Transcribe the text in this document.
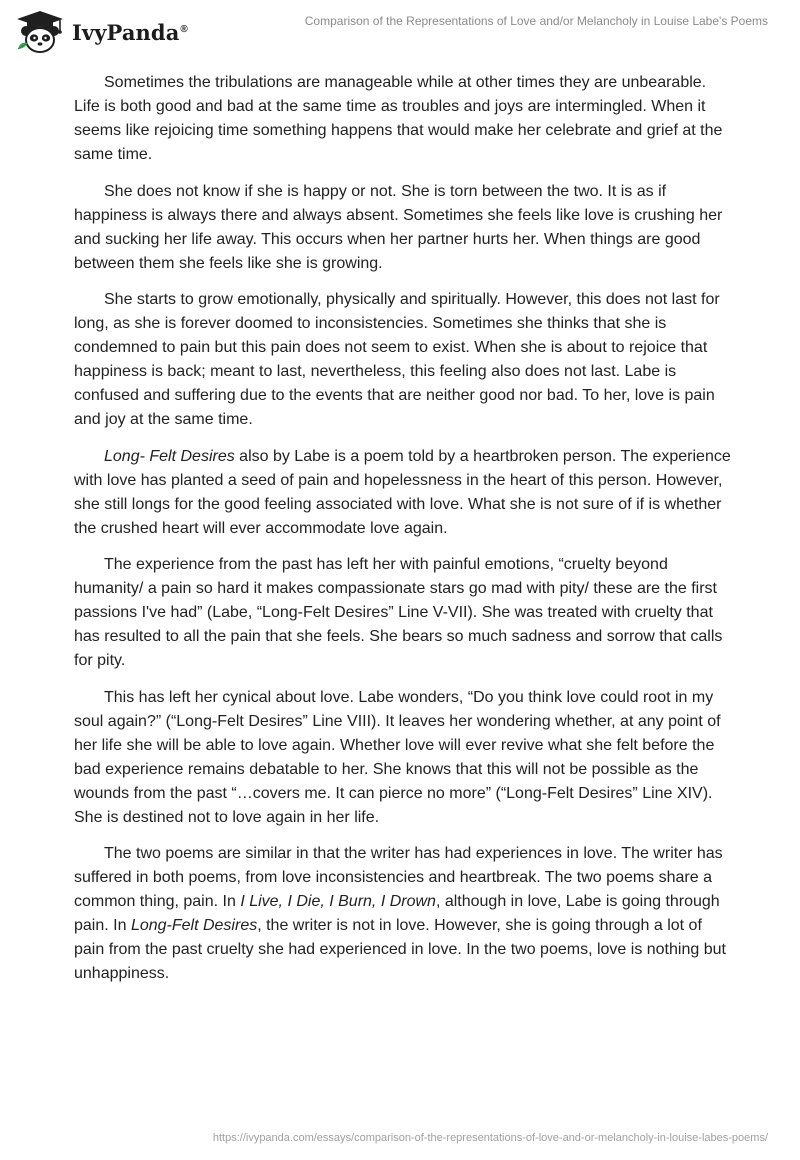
IvyPanda®
Comparison of the Representations of Love and/or Melancholy in Louise Labe's Poems

Sometimes the tribulations are manageable while at other times they are unbearable. Life is both good and bad at the same time as troubles and joys are intermingled. When it seems like rejoicing time something happens that would make her celebrate and grief at the same time.

She does not know if she is happy or not. She is torn between the two. It is as if happiness is always there and always absent. Sometimes she feels like love is crushing her and sucking her life away. This occurs when her partner hurts her. When things are good between them she feels like she is growing.

She starts to grow emotionally, physically and spiritually. However, this does not last for long, as she is forever doomed to inconsistencies. Sometimes she thinks that she is condemned to pain but this pain does not seem to exist. When she is about to rejoice that happiness is back; meant to last, nevertheless, this feeling also does not last. Labe is confused and suffering due to the events that are neither good nor bad. To her, love is pain and joy at the same time.

Long- Felt Desires also by Labe is a poem told by a heartbroken person. The experience with love has planted a seed of pain and hopelessness in the heart of this person. However, she still longs for the good feeling associated with love. What she is not sure of if is whether the crushed heart will ever accommodate love again.

The experience from the past has left her with painful emotions, “cruelty beyond humanity/ a pain so hard it makes compassionate stars go mad with pity/ these are the first passions I've had” (Labe, “Long-Felt Desires” Line V-VII). She was treated with cruelty that has resulted to all the pain that she feels. She bears so much sadness and sorrow that calls for pity.

This has left her cynical about love. Labe wonders, “Do you think love could root in my soul again?” (“Long-Felt Desires” Line VIII). It leaves her wondering whether, at any point of her life she will be able to love again. Whether love will ever revive what she felt before the bad experience remains debatable to her. She knows that this will not be possible as the wounds from the past “…covers me. It can pierce no more” (“Long-Felt Desires” Line XIV). She is destined not to love again in her life.

The two poems are similar in that the writer has had experiences in love. The writer has suffered in both poems, from love inconsistencies and heartbreak. The two poems share a common thing, pain. In I Live, I Die, I Burn, I Drown, although in love, Labe is going through pain. In Long-Felt Desires, the writer is not in love. However, she is going through a lot of pain from the past cruelty she had experienced in love. In the two poems, love is nothing but unhappiness.

https://ivypanda.com/essays/comparison-of-the-representations-of-love-and-or-melancholy-in-louise-labes-poems/
